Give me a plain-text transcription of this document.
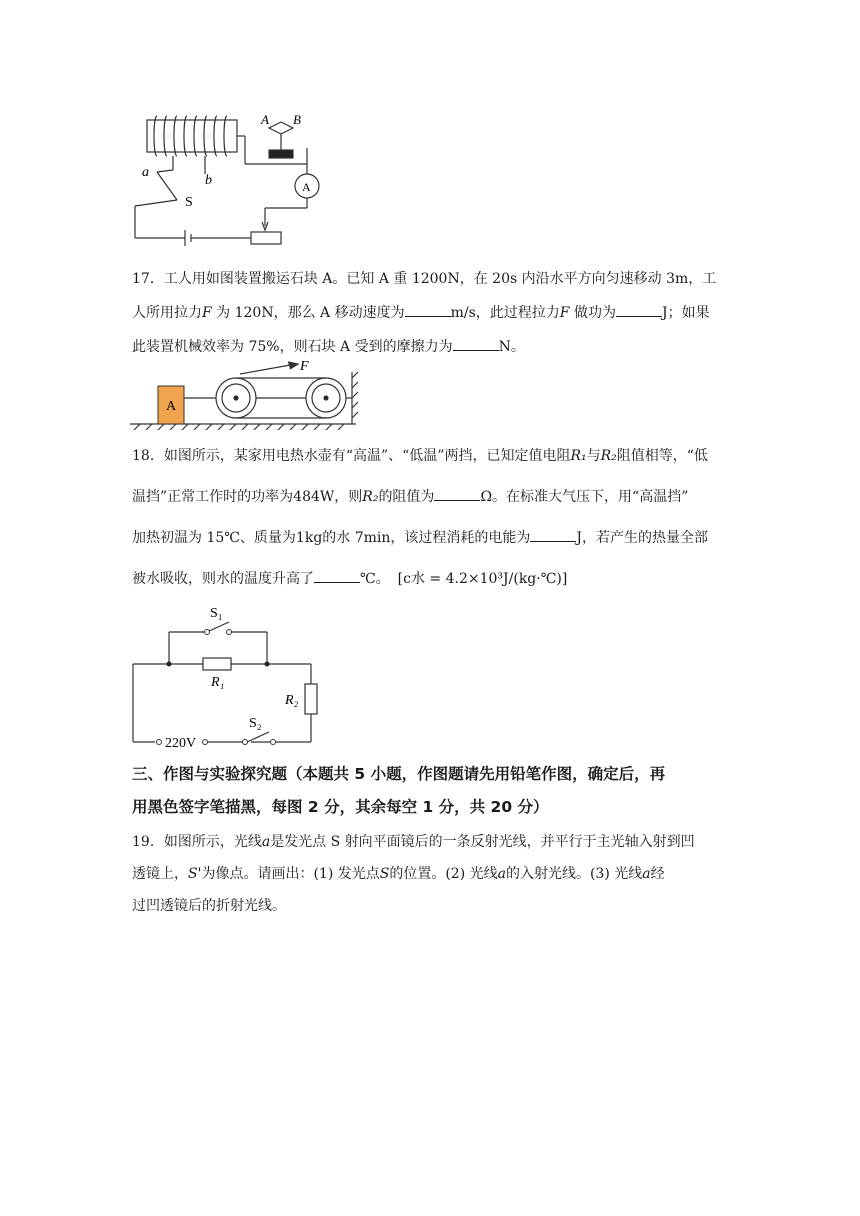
a
b
S
A
A B

17．工人用如图装置搬运石块 A。已知 A 重 1200N，在 20s 内沿水平方向匀速移动 3m，工

人所用拉力F 为 120N，那么 A 移动速度为	m/s，此过程拉力F 做功为	J；如果

此装置机械效率为 75%，则石块 A 受到的摩擦力为	N。

A
F

18．如图所示，某家用电热水壶有“高温”、“低温”两挡，已知定值电阻R₁与R₂阻值相等，“低

温挡”正常工作时的功率为484W，则R₂的阻值为	Ω。在标准大气压下，用“高温挡”

加热初温为 15℃、质量为1kg的水 7min，该过程消耗的电能为	J，若产生的热量全部

被水吸收，则水的温度升高了	℃。 [c水 = 4.2×10³J/(kg·℃)]

S₁
R₁
R₂
S₂
220V

三、作图与实验探究题（本题共 5 小题，作图题请先用铅笔作图，确定后，再

用黑色签字笔描黑，每图 2 分，其余每空 1 分，共 20 分）

19．如图所示，光线a是发光点 S 射向平面镜后的一条反射光线，并平行于主光轴入射到凹

透镜上，S'为像点。请画出：(1) 发光点S的位置。(2) 光线a的入射光线。(3) 光线a经

过凹透镜后的折射光线。
